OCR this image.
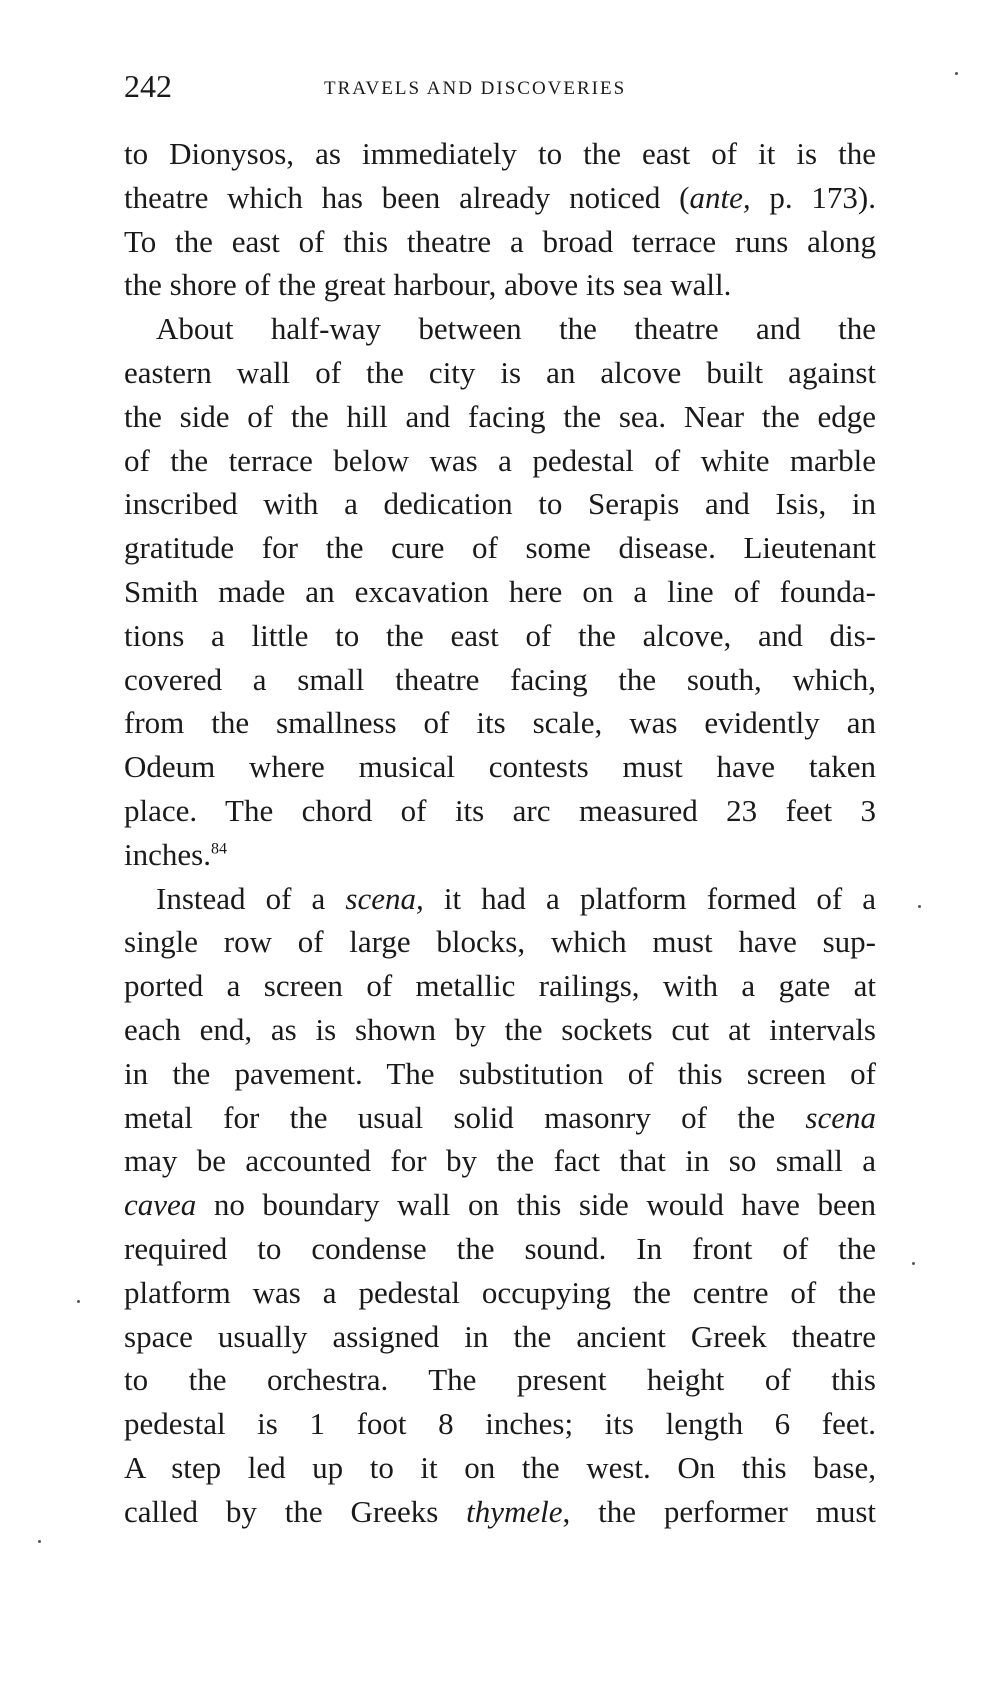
242	TRAVELS AND DISCOVERIES
to Dionysos, as immediately to the east of it is the
theatre which has been already noticed (ante, p. 173).
To the east of this theatre a broad terrace runs along
the shore of the great harbour, above its sea wall.
About half-way between the theatre and the
eastern wall of the city is an alcove built against
the side of the hill and facing the sea. Near the edge
of the terrace below was a pedestal of white marble
inscribed with a dedication to Serapis and Isis, in
gratitude for the cure of some disease. Lieutenant
Smith made an excavation here on a line of founda-
tions a little to the east of the alcove, and dis-
covered a small theatre facing the south, which,
from the smallness of its scale, was evidently an
Odeum where musical contests must have taken
place. The chord of its arc measured 23 feet 3
inches.$^{84}$
Instead of a scena, it had a platform formed of a
single row of large blocks, which must have sup-
ported a screen of metallic railings, with a gate at
each end, as is shown by the sockets cut at intervals
in the pavement. The substitution of this screen of
metal for the usual solid masonry of the scena
may be accounted for by the fact that in so small a
cavea no boundary wall on this side would have been
required to condense the sound. In front of the
platform was a pedestal occupying the centre of the
space usually assigned in the ancient Greek theatre
to the orchestra. The present height of this
pedestal is 1 foot 8 inches; its length 6 feet.
A step led up to it on the west. On this base,
called by the Greeks thymele, the performer must
